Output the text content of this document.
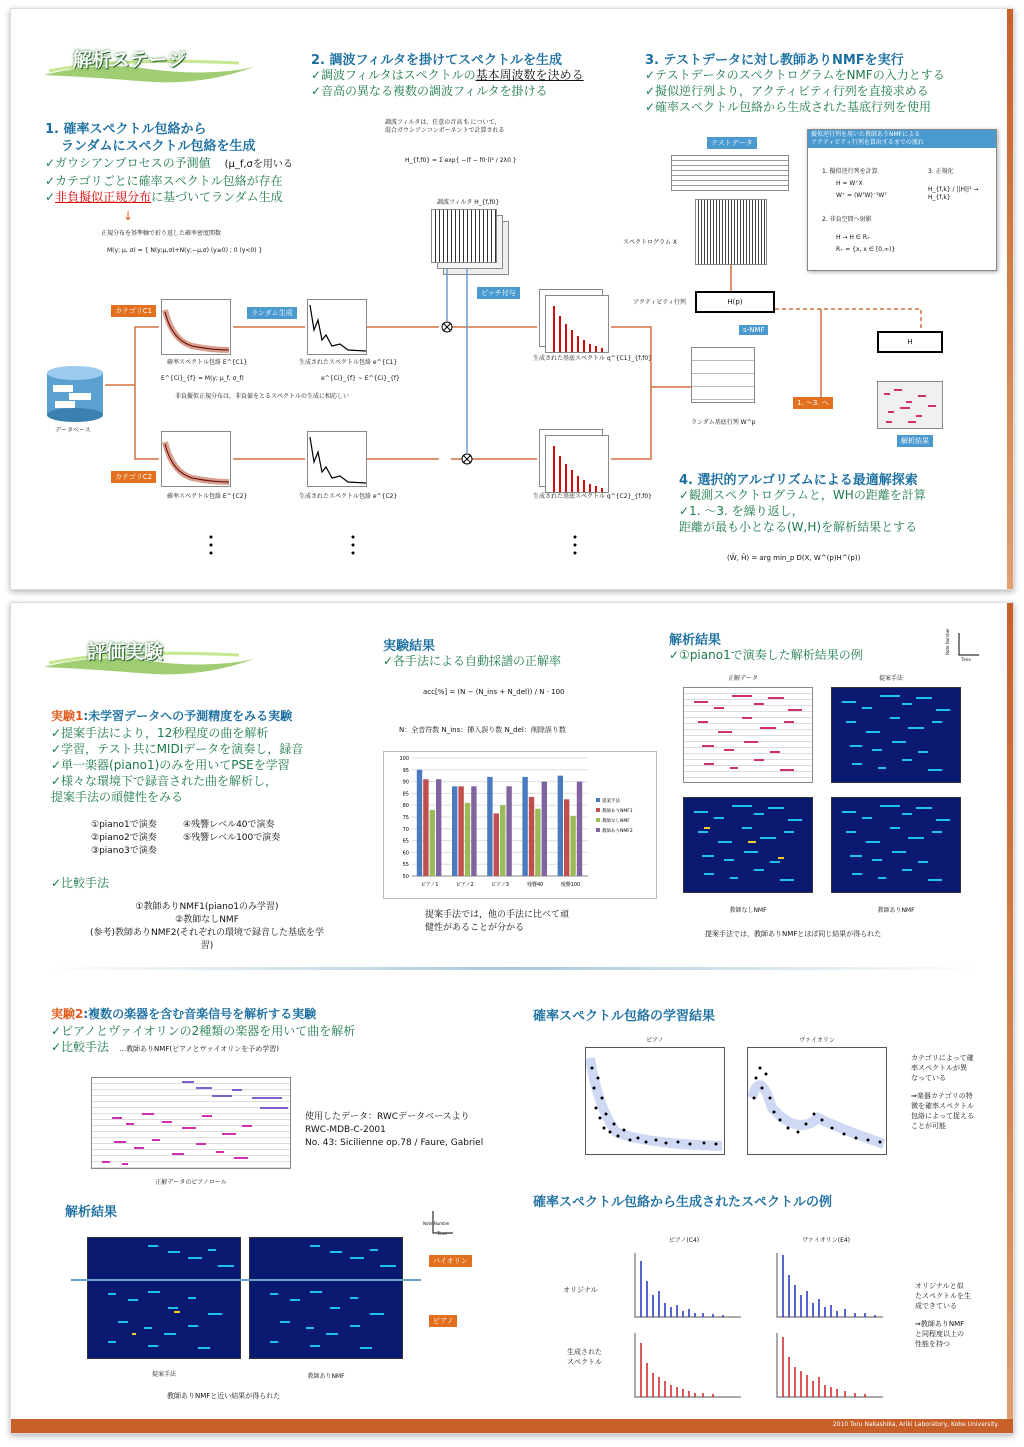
解析ステージ
1. 確率スペクトル包絡から
ランダムにスペクトル包絡を生成
✓ガウシアンプロセスの予測値 (μ_f,σを用いる
✓カテゴリごとに確率スペクトル包絡が存在
✓非負擬似正規分布に基づいてランダム生成
↓
正規分布を基準軸で折り返した確率密度関数
M(y; μ, σ) = { N(y;μ,σ)+N(y;−μ,σ) (y≥0) ; 0 (y<0) }
2. 調波フィルタを掛けてスペクトルを生成
✓調波フィルタはスペクトルの基本周波数を決める
✓音高の異なる複数の調波フィルタを掛ける
調波フィルタは，任意の音高 f₀ について，
混合ガウシアンコンポーネントで計算される
H_{f,f0} = Σ exp{ −(f − f0·l)² / 2λ0 }
調波フィルタ H_{f,f0}
ピッチ付与
カテゴリC1
カテゴリC2
ランダム生成
データベース
確率スペクトル包絡 E^{C1}	生成されたスペクトル包絡 e^{C1}
確率スペクトル包絡 E^{C2}	生成されたスペクトル包絡 e^{C2}
E^{Ci}_{f} = M(y; μ_f, σ_f)	e^{Ci}_{f} ~ E^{Ci}_{f}
非負擬似正規分布は，非負値をとるスペクトルの生成に相応しい
生成された基底スペクトル q^{C1}_{f,f0}
生成された基底スペクトル q^{C2}_{f,f0}
3. テストデータに対し教師ありNMFを実行
✓テストデータのスペクトログラムをNMFの入力とする
✓擬似逆行列より，アクティビティ行列を直接求める
✓確率スペクトル包絡から生成された基底行列を使用
テストデータ
スペクトログラム X
アクティビティ行列	H(p)
s-NMF
ランダム基底行列 W^p
H
1. ～3. へ
解析結果
擬似逆行列を用いた教師ありNMFによる
アクティビティ行列を算出するまでの流れ
1. 擬似逆行列を計算
H = W⁺X
W⁺ = (WᵀW)⁻¹Wᵀ
2. 非負空間へ射影
H → H ∈ R₊
R₊ = {x, x ∈ [0,∞)}
3. 正規化
H_{f,k} / ||H||² → H_{f,k}
4. 選択的アルゴリズムによる最適解探索
✓観測スペクトログラムと，WHの距離を計算
✓1. ～3. を繰り返し，
距離が最も小となる(W,H)を解析結果とする
(Ŵ, Ĥ) = arg min_p D(X, W^(p)H^(p))
評価実験
実験1:未学習データへの予測精度をみる実験
✓提案手法により，12秒程度の曲を解析
✓学習，テスト共にMIDIデータを演奏し，録音
✓単一楽器(piano1)のみを用いてPSEを学習
✓様々な環境下で録音された曲を解析し，
提案手法の頑健性をみる
①piano1で演奏
②piano2で演奏
③piano3で演奏
④残響レベル40で演奏
⑤残響レベル100で演奏
✓比較手法
①教師ありNMF1(piano1のみ学習)
②教師なしNMF
(参考)教師ありNMF2(それぞれの環境で録音した基底を学習)
実験結果
✓各手法による自動採譜の正解率
acc[%] = (N − (N_ins + N_del)) / N · 100
N：全音符数 N_ins：挿入誤り数 N_del：削除誤り数
50
55
60
65
70
75
80
85
90
95
100
ピアノ1	ピアノ2	ピアノ3	残響40	残響100
提案手法
教師ありNMF1
教師なしNMF
教師ありNMF2
提案手法では，他の手法に比べて頑
健性があることが分かる
解析結果
✓①piano1で演奏した解析結果の例	Note Number
Time
正解データ	提案手法
教師なしNMF	教師ありNMF
提案手法では，教師ありNMFとほぼ同じ結果が得られた
実験2:複数の楽器を含む音楽信号を解析する実験
✓ピアノとヴァイオリンの2種類の楽器を用いて曲を解析
✓比較手法 …教師ありNMF(ピアノとヴァイオリンを予め学習)
正解データのピアノロール
使用したデータ：RWCデータベースより
RWC-MDB-C-2001
No. 43: Sicilienne op.78 / Faure, Gabriel
解析結果
Note Number
Time
バイオリン
ピアノ
提案手法	教師ありNMF
教師ありNMFと近い結果が得られた
確率スペクトル包絡の学習結果
ピアノ	ヴァイオリン
カテゴリによって確
率スペクトルが異
なっている
⇒楽器カテゴリの特
徴を確率スペクトル
包絡によって捉える
ことが可能
確率スペクトル包絡から生成されたスペクトルの例
ピアノ(C4)	ヴァイオリン(E4)
オリジナル
生成された
スペクトル
オリジナルと似
たスペクトルを生
成できている
⇒教師ありNMF
と同程度以上の
性能を持つ
2010 Toru Nakashika, Ariki Laboratory, Kobe University.
